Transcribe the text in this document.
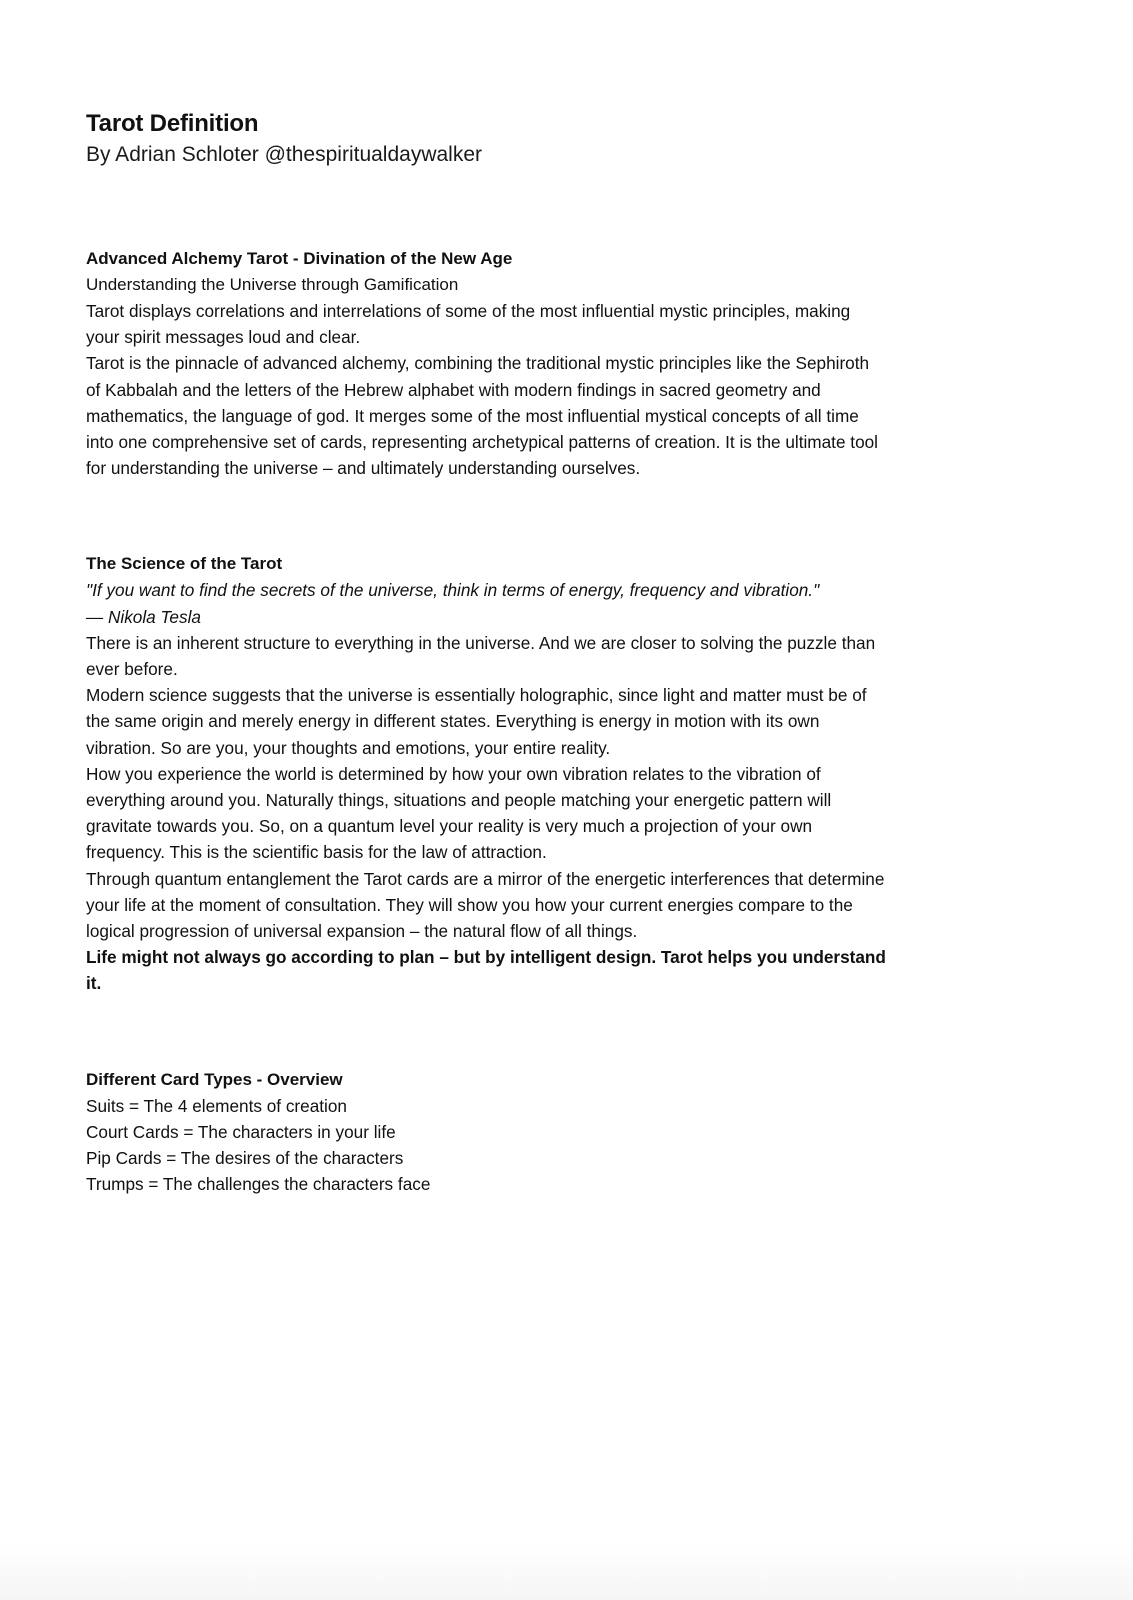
Tarot Definition

By Adrian Schloter @thespiritualdaywalker

Advanced Alchemy Tarot - Divination of the New Age

Understanding the Universe through Gamification

Tarot displays correlations and interrelations of some of the most influential mystic principles, making your spirit messages loud and clear.

Tarot is the pinnacle of advanced alchemy, combining the traditional mystic principles like the Sephiroth of Kabbalah and the letters of the Hebrew alphabet with modern findings in sacred geometry and mathematics, the language of god. It merges some of the most influential mystical concepts of all time into one comprehensive set of cards, representing archetypical patterns of creation. It is the ultimate tool for understanding the universe – and ultimately understanding ourselves.

The Science of the Tarot

"If you want to find the secrets of the universe, think in terms of energy, frequency and vibration."

— Nikola Tesla

There is an inherent structure to everything in the universe. And we are closer to solving the puzzle than ever before.

Modern science suggests that the universe is essentially holographic, since light and matter must be of the same origin and merely energy in different states. Everything is energy in motion with its own vibration. So are you, your thoughts and emotions, your entire reality.

How you experience the world is determined by how your own vibration relates to the vibration of everything around you. Naturally things, situations and people matching your energetic pattern will gravitate towards you. So, on a quantum level your reality is very much a projection of your own frequency. This is the scientific basis for the law of attraction.

Through quantum entanglement the Tarot cards are a mirror of the energetic interferences that determine your life at the moment of consultation. They will show you how your current energies compare to the logical progression of universal expansion – the natural flow of all things.

Life might not always go according to plan – but by intelligent design. Tarot helps you understand it.

Different Card Types - Overview

Suits = The 4 elements of creation

Court Cards = The characters in your life

Pip Cards = The desires of the characters

Trumps = The challenges the characters face
